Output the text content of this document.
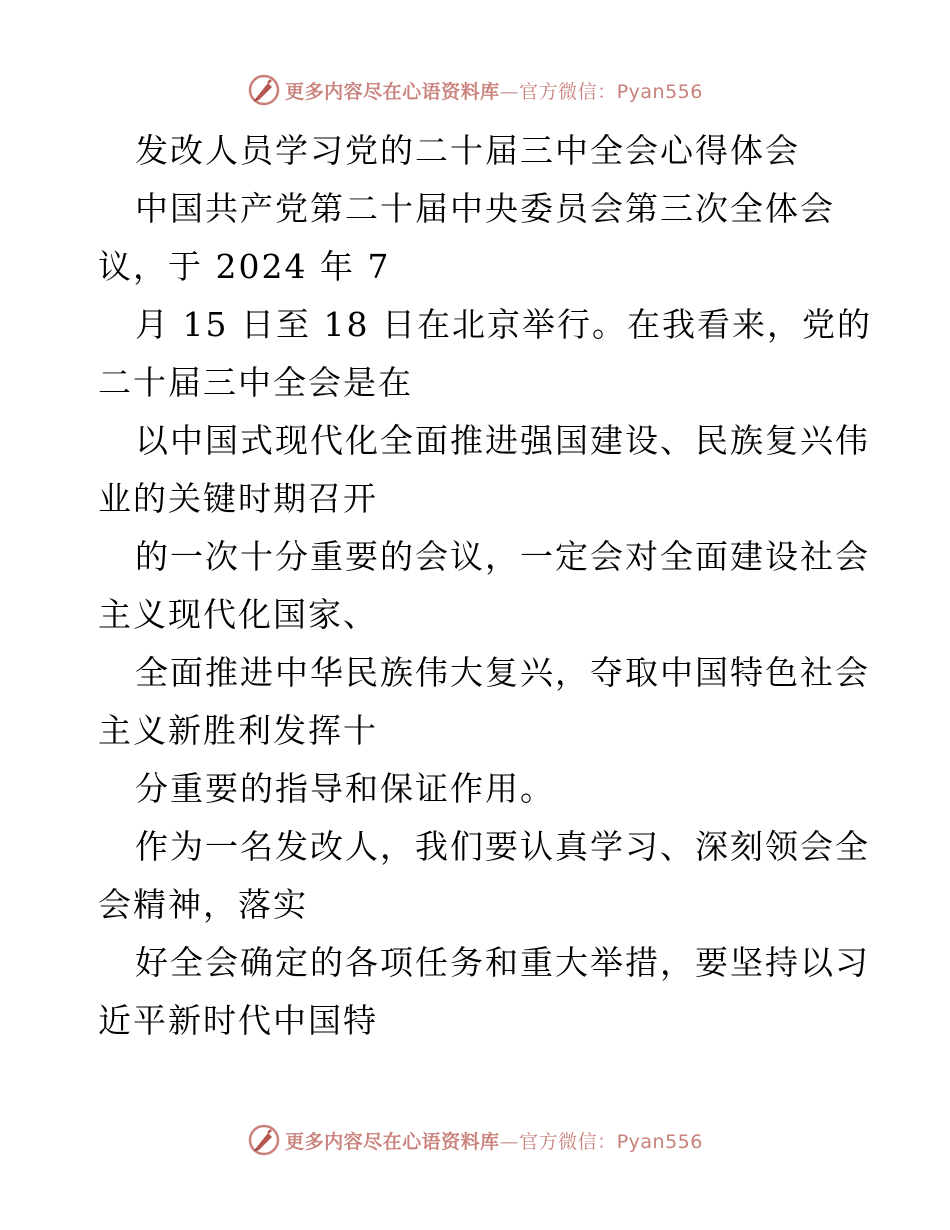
更多内容尽在心语资料库—官方微信：Pyan556
发改人员学习党的二十届三中全会心得体会
中国共产党第二十届中央委员会第三次全体会
议，于 2024 年 7
月 15 日至 18 日在北京举行。在我看来，党的
二十届三中全会是在
以中国式现代化全面推进强国建设、民族复兴伟
业的关键时期召开
的一次十分重要的会议，一定会对全面建设社会
主义现代化国家、
全面推进中华民族伟大复兴，夺取中国特色社会
主义新胜利发挥十
分重要的指导和保证作用。
作为一名发改人，我们要认真学习、深刻领会全
会精神，落实
好全会确定的各项任务和重大举措，要坚持以习
近平新时代中国特
更多内容尽在心语资料库—官方微信：Pyan556
